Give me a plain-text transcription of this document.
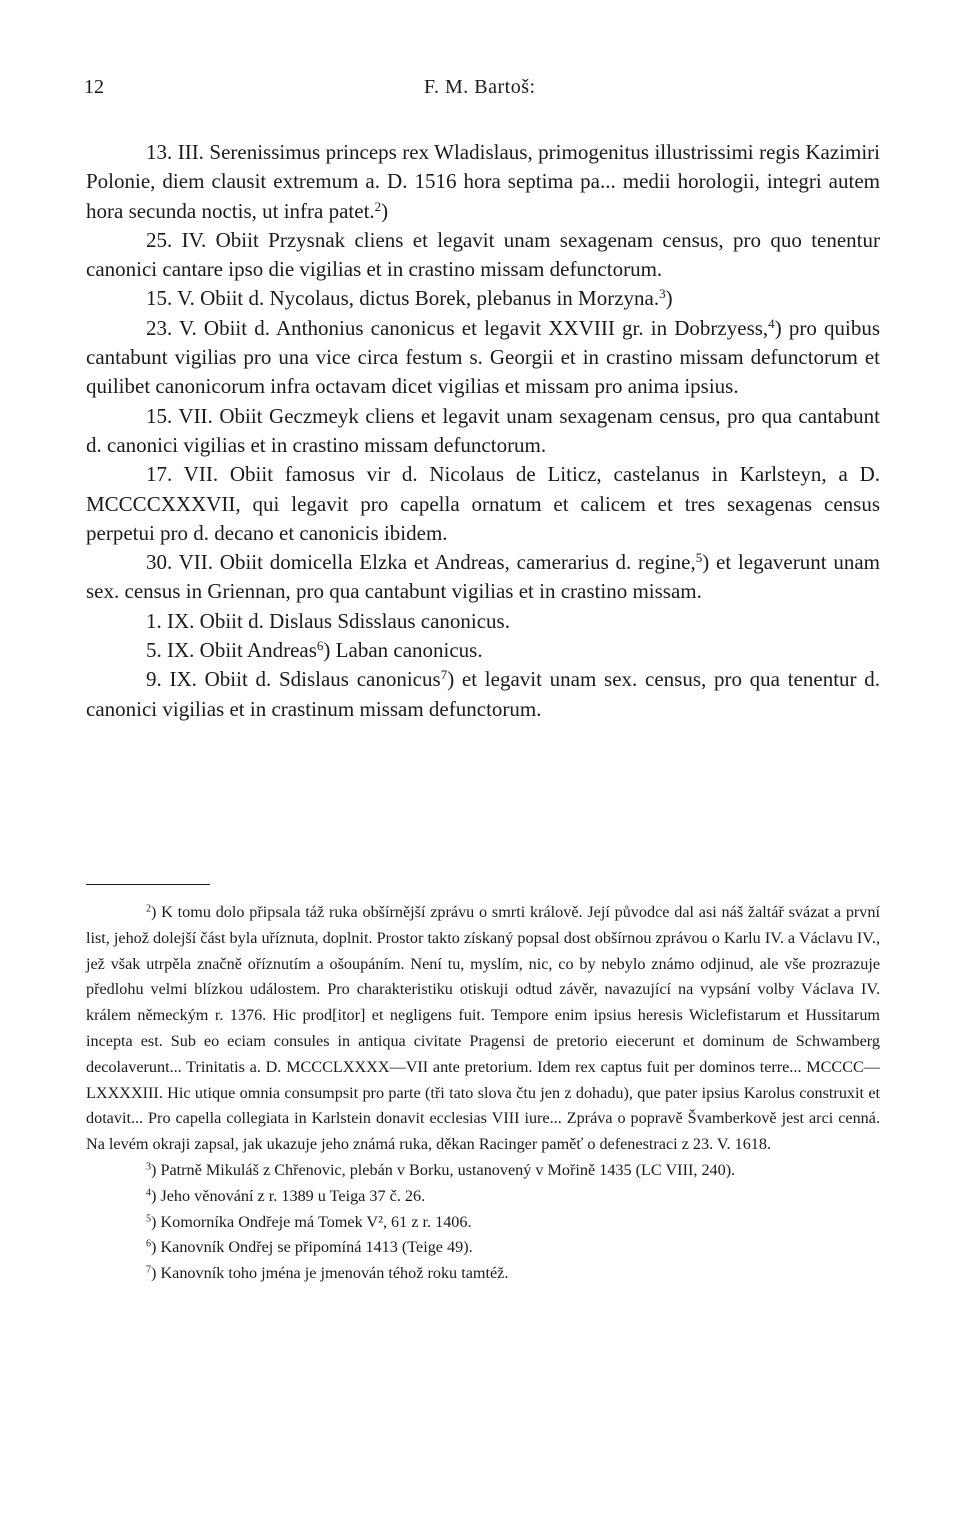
12	F. M. Bartoš:

13. III. Serenissimus princeps rex Wladislaus, primogenitus illustrissimi regis Kazimiri Polonie, diem clausit extremum a. D. 1516 hora septima pa... medii horologii, integri autem hora secunda noctis, ut infra patet.$^2$)

25. IV. Obiit Przysnak cliens et legavit unam sexagenam census, pro quo tenentur canonici cantare ipso die vigilias et in crastino missam defunctorum.

15. V. Obiit d. Nycolaus, dictus Borek, plebanus in Morzyna.$^3$)

23. V. Obiit d. Anthonius canonicus et legavit XXVIII gr. in Dobrzyess,$^4$) pro quibus cantabunt vigilias pro una vice circa festum s. Georgii et in crastino missam defunctorum et quilibet canonicorum infra octavam dicet vigilias et missam pro anima ipsius.

15. VII. Obiit Geczmeyk cliens et legavit unam sexagenam census, pro qua cantabunt d. canonici vigilias et in crastino missam defunctorum.

17. VII. Obiit famosus vir d. Nicolaus de Liticz, castelanus in Karlsteyn, a D. MCCCCXXXVII, qui legavit pro capella ornatum et calicem et tres sexagenas census perpetui pro d. decano et canonicis ibidem.

30. VII. Obiit domicella Elzka et Andreas, camerarius d. regine,$^5$) et legaverunt unam sex. census in Griennan, pro qua cantabunt vigilias et in crastino missam.

1. IX. Obiit d. Dislaus Sdisslaus canonicus.

5. IX. Obiit Andreas$^6$) Laban canonicus.

9. IX. Obiit d. Sdislaus canonicus$^7$) et legavit unam sex. census, pro qua tenentur d. canonici vigilias et in crastinum missam defunctorum.

$^2$) K tomu dolo připsala táž ruka obšírnější zprávu o smrti králově. Její původce dal asi náš žaltář svázat a první list, jehož dolejší část byla uříznuta, doplnit. Prostor takto získaný popsal dost obšírnou zprávou o Karlu IV. a Václavu IV., jež však utrpěla značně oříznutím a ošoupáním. Není tu, myslím, nic, co by nebylo známo odjinud, ale vše prozrazuje předlohu velmi blízkou událostem. Pro charakteristiku otiskuji odtud závěr, navazující na vypsání volby Václava IV. králem německým r. 1376. Hic prod[itor] et negligens fuit. Tempore enim ipsius heresis Wiclefistarum et Hussitarum incepta est. Sub eo eciam consules in antiqua civitate Pragensi de pretorio eiecerunt et dominum de Schwamberg decolaverunt... Trinitatis a. D. MCCCLXXXX—VII ante pretorium. Idem rex captus fuit per dominos terre... MCCCC—LXXXXIII. Hic utique omnia consumpsit pro parte (tři tato slova čtu jen z dohadu), que pater ipsius Karolus construxit et dotavit... Pro capella collegiata in Karlstein donavit ecclesias VIII iure... Zpráva o popravě Švamberkově jest arci cenná. Na levém okraji zapsal, jak ukazuje jeho známá ruka, děkan Racinger paměť o defenestraci z 23. V. 1618.

$^3$) Patrně Mikuláš z Chřenovic, plebán v Borku, ustanovený v Mořině 1435 (LC VIII, 240).

$^4$) Jeho věnování z r. 1389 u Teiga 37 č. 26.

$^5$) Komorníka Ondřeje má Tomek V², 61 z r. 1406.

$^6$) Kanovník Ondřej se připomíná 1413 (Teige 49).

$^7$) Kanovník toho jména je jmenován téhož roku tamtéž.
